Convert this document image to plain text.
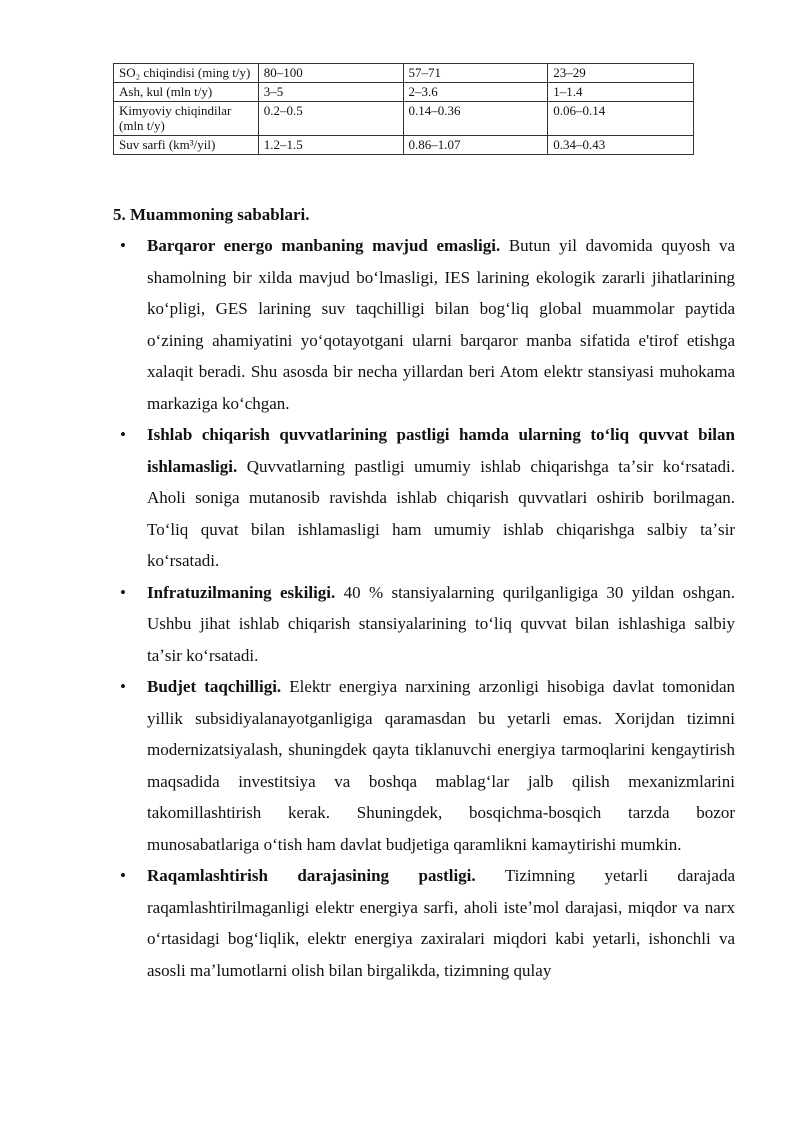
SO₂ chiqindisi (ming t/y)	80–100	57–71	23–29
Ash, kul (mln t/y)	3–5	2–3.6	1–1.4
Kimyoviy chiqindilar (mln t/y)	0.2–0.5	0.14–0.36	0.06–0.14
Suv sarfi (km³/yil)	1.2–1.5	0.86–1.07	0.34–0.43
5. Muammoning sabablari.
• Barqaror energo manbaning mavjud emasligi. Butun yil davomida quyosh va shamolning bir xilda mavjud boʻlmasligi, IES larining ekologik zararli jihatlarining koʻpligi, GES larining suv taqchilligi bilan bogʻliq global muammolar paytida oʻzining ahamiyatini yoʻqotayotgani ularni barqaror manba sifatida e'tirof etishga xalaqit beradi. Shu asosda bir necha yillardan beri Atom elektr stansiyasi muhokama markaziga koʻchgan.
• Ishlab chiqarish quvvatlarining pastligi hamda ularning toʻliq quvvat bilan ishlamasligi. Quvvatlarning pastligi umumiy ishlab chiqarishga taʼsir koʻrsatadi. Aholi soniga mutanosib ravishda ishlab chiqarish quvvatlari oshirib borilmagan. Toʻliq quvat bilan ishlamasligi ham umumiy ishlab chiqarishga salbiy taʼsir koʻrsatadi.
• Infratuzilmaning eskiligi. 40 % stansiyalarning qurilganligiga 30 yildan oshgan. Ushbu jihat ishlab chiqarish stansiyalarining toʻliq quvvat bilan ishlashiga salbiy taʼsir koʻrsatadi.
• Budjet taqchilligi. Elektr energiya narxining arzonligi hisobiga davlat tomonidan yillik subsidiyalanayotganligiga qaramasdan bu yetarli emas. Xorijdan tizimni modernizatsiyalash, shuningdek qayta tiklanuvchi energiya tarmoqlarini kengaytirish maqsadida investitsiya va boshqa mablagʻlar jalb qilish mexanizmlarini takomillashtirish kerak. Shuningdek, bosqichma-bosqich tarzda bozor munosabatlariga oʻtish ham davlat budjetiga qaramlikni kamaytirishi mumkin.
• Raqamlashtirish darajasining pastligi. Tizimning yetarli darajada raqamlashtirilmaganligi elektr energiya sarfi, aholi isteʼmol darajasi, miqdor va narx oʻrtasidagi bogʻliqlik, elektr energiya zaxiralari miqdori kabi yetarli, ishonchli va asosli maʼlumotlarni olish bilan birgalikda, tizimning qulay
